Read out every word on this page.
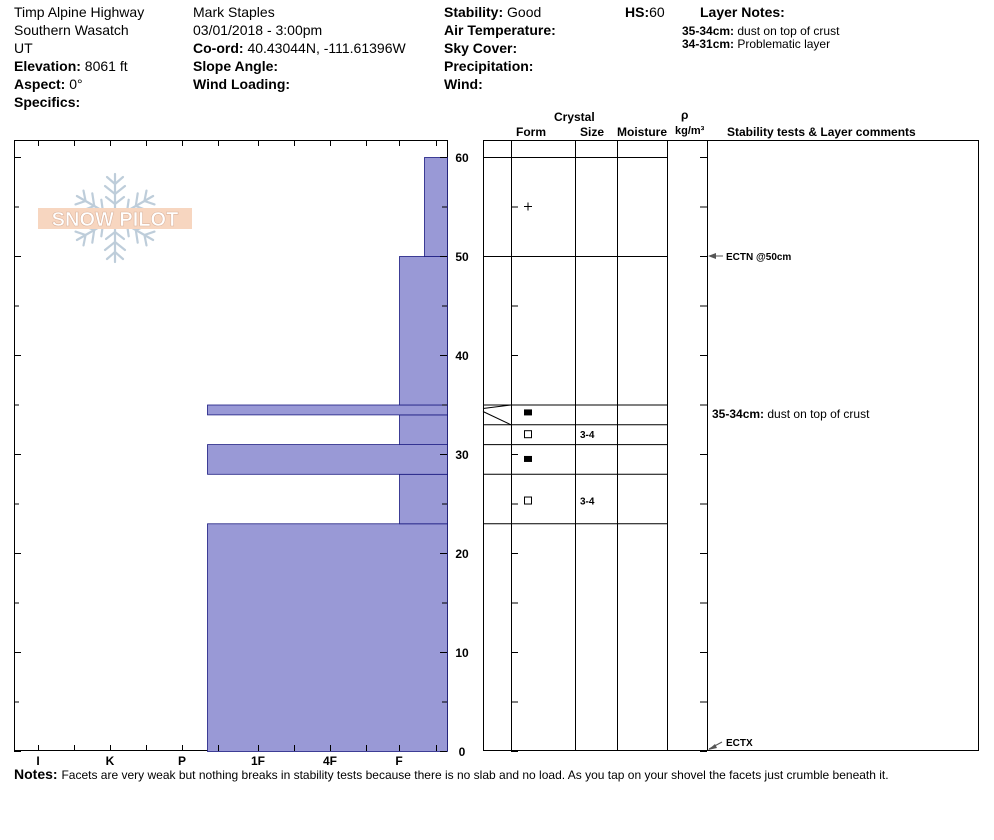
Timp Alpine Highway
Southern Wasatch
UT
Elevation: 8061 ft
Aspect: 0°
Specifics:
Mark Staples
03/01/2018 - 3:00pm
Co-ord: 40.43044N, -111.61396W
Slope Angle:
Wind Loading:
Stability: Good
Air Temperature:
Sky Cover:
Precipitation:
Wind:
HS:60	Layer Notes:
35-34cm: dust on top of crust
34-31cm: Problematic layer
Crystal
Form	Size Moisture
ρ
kg/m³ Stability tests & Layer comments
SNOW PILOT
I	K	P	1F	4F	F
0
10
20
30
40
50
60
3-4
3-4
ECTN @50cm
ECTX
35-34cm: dust on top of crust
Notes: Facets are very weak but nothing breaks in stability tests because there is no slab and no load. As you tap on your shovel the facets just crumble beneath it.
